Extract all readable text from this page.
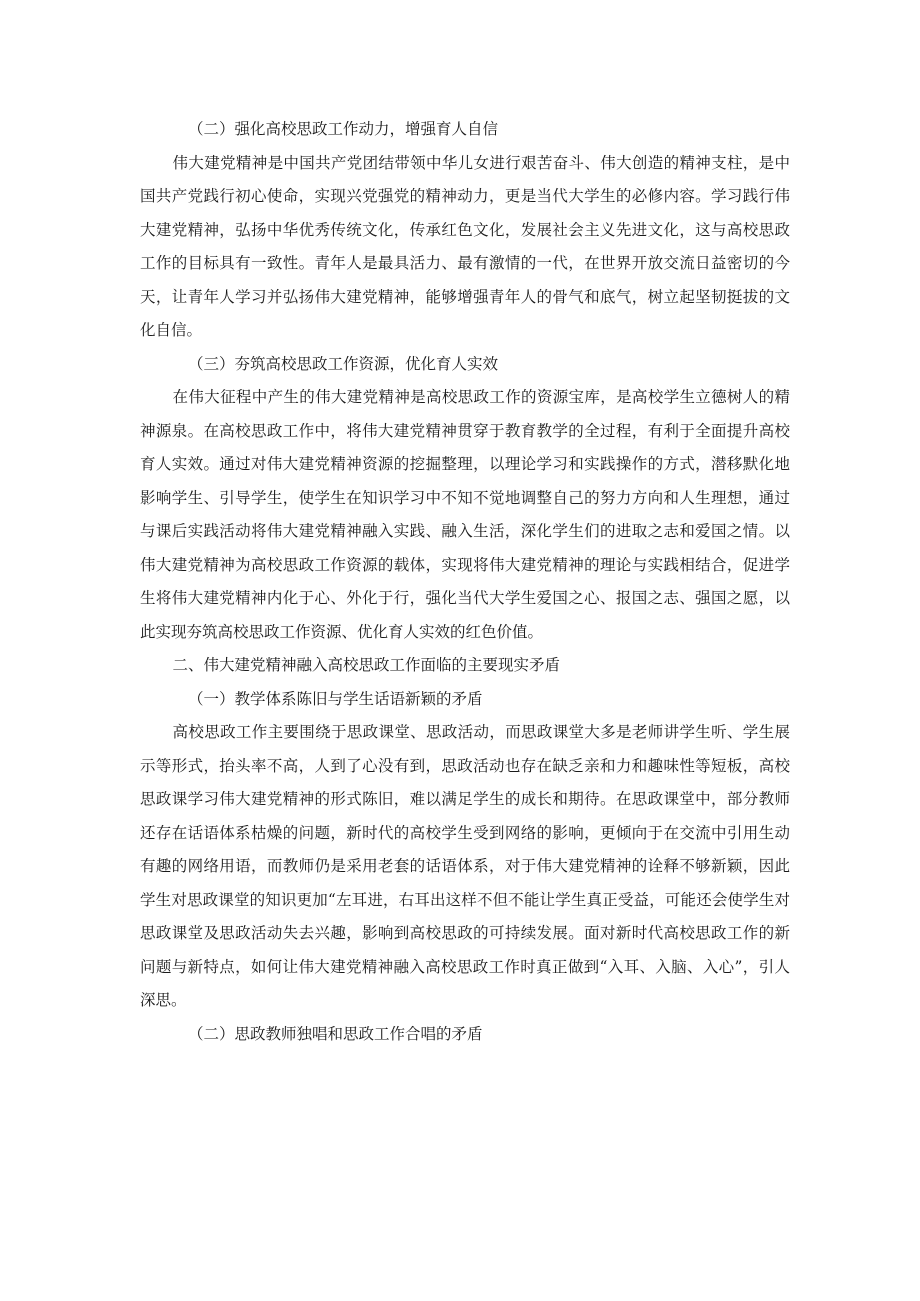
（二）强化高校思政工作动力，增强育人自信

伟大建党精神是中国共产党团结带领中华儿女进行艰苦奋斗、伟大创造的精神支柱，是中国共产党践行初心使命，实现兴党强党的精神动力，更是当代大学生的必修内容。学习践行伟大建党精神，弘扬中华优秀传统文化，传承红色文化，发展社会主义先进文化，这与高校思政工作的目标具有一致性。青年人是最具活力、最有激情的一代，在世界开放交流日益密切的今天，让青年人学习并弘扬伟大建党精神，能够增强青年人的骨气和底气，树立起坚韧挺拔的文化自信。

（三）夯筑高校思政工作资源，优化育人实效

在伟大征程中产生的伟大建党精神是高校思政工作的资源宝库，是高校学生立德树人的精神源泉。在高校思政工作中，将伟大建党精神贯穿于教育教学的全过程，有利于全面提升高校育人实效。通过对伟大建党精神资源的挖掘整理，以理论学习和实践操作的方式，潜移默化地影响学生、引导学生，使学生在知识学习中不知不觉地调整自己的努力方向和人生理想，通过与课后实践活动将伟大建党精神融入实践、融入生活，深化学生们的进取之志和爱国之情。以伟大建党精神为高校思政工作资源的载体，实现将伟大建党精神的理论与实践相结合，促进学生将伟大建党精神内化于心、外化于行，强化当代大学生爱国之心、报国之志、强国之愿，以此实现夯筑高校思政工作资源、优化育人实效的红色价值。

二、伟大建党精神融入高校思政工作面临的主要现实矛盾

（一）教学体系陈旧与学生话语新颖的矛盾

高校思政工作主要围绕于思政课堂、思政活动，而思政课堂大多是老师讲学生听、学生展示等形式，抬头率不高，人到了心没有到，思政活动也存在缺乏亲和力和趣味性等短板，高校思政课学习伟大建党精神的形式陈旧，难以满足学生的成长和期待。在思政课堂中，部分教师还存在话语体系枯燥的问题，新时代的高校学生受到网络的影响，更倾向于在交流中引用生动有趣的网络用语，而教师仍是采用老套的话语体系，对于伟大建党精神的诠释不够新颖，因此学生对思政课堂的知识更加“左耳进，右耳出这样不但不能让学生真正受益，可能还会使学生对思政课堂及思政活动失去兴趣，影响到高校思政的可持续发展。面对新时代高校思政工作的新问题与新特点，如何让伟大建党精神融入高校思政工作时真正做到“入耳、入脑、入心”，引人深思。

（二）思政教师独唱和思政工作合唱的矛盾
